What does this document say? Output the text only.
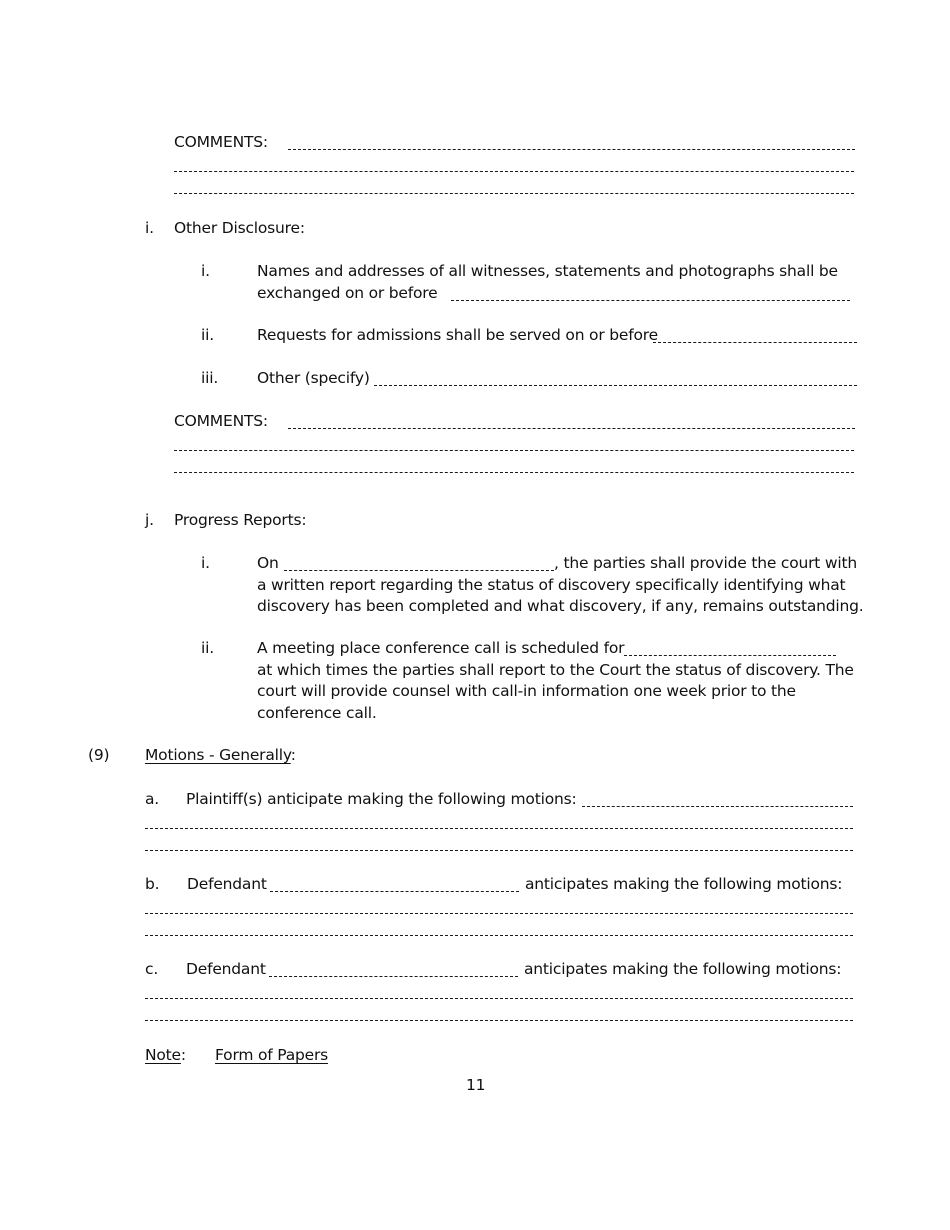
COMMENTS:
i. Other Disclosure:
i.	Names and addresses of all witnesses, statements and photographs shall be
exchanged on or before
ii.	Requests for admissions shall be served on or before
iii.	Other (specify)
COMMENTS:
j. Progress Reports:
i.	On	, the parties shall provide the court with
a written report regarding the status of discovery specifically identifying what
discovery has been completed and what discovery, if any, remains outstanding.
ii.	A meeting place conference call is scheduled for
at which times the parties shall report to the Court the status of discovery. The
court will provide counsel with call-in information one week prior to the
conference call.
(9) Motions - Generally:
a. Plaintiff(s) anticipate making the following motions:
b. Defendant	anticipates making the following motions:
c. Defendant	anticipates making the following motions:
Note: Form of Papers
11
